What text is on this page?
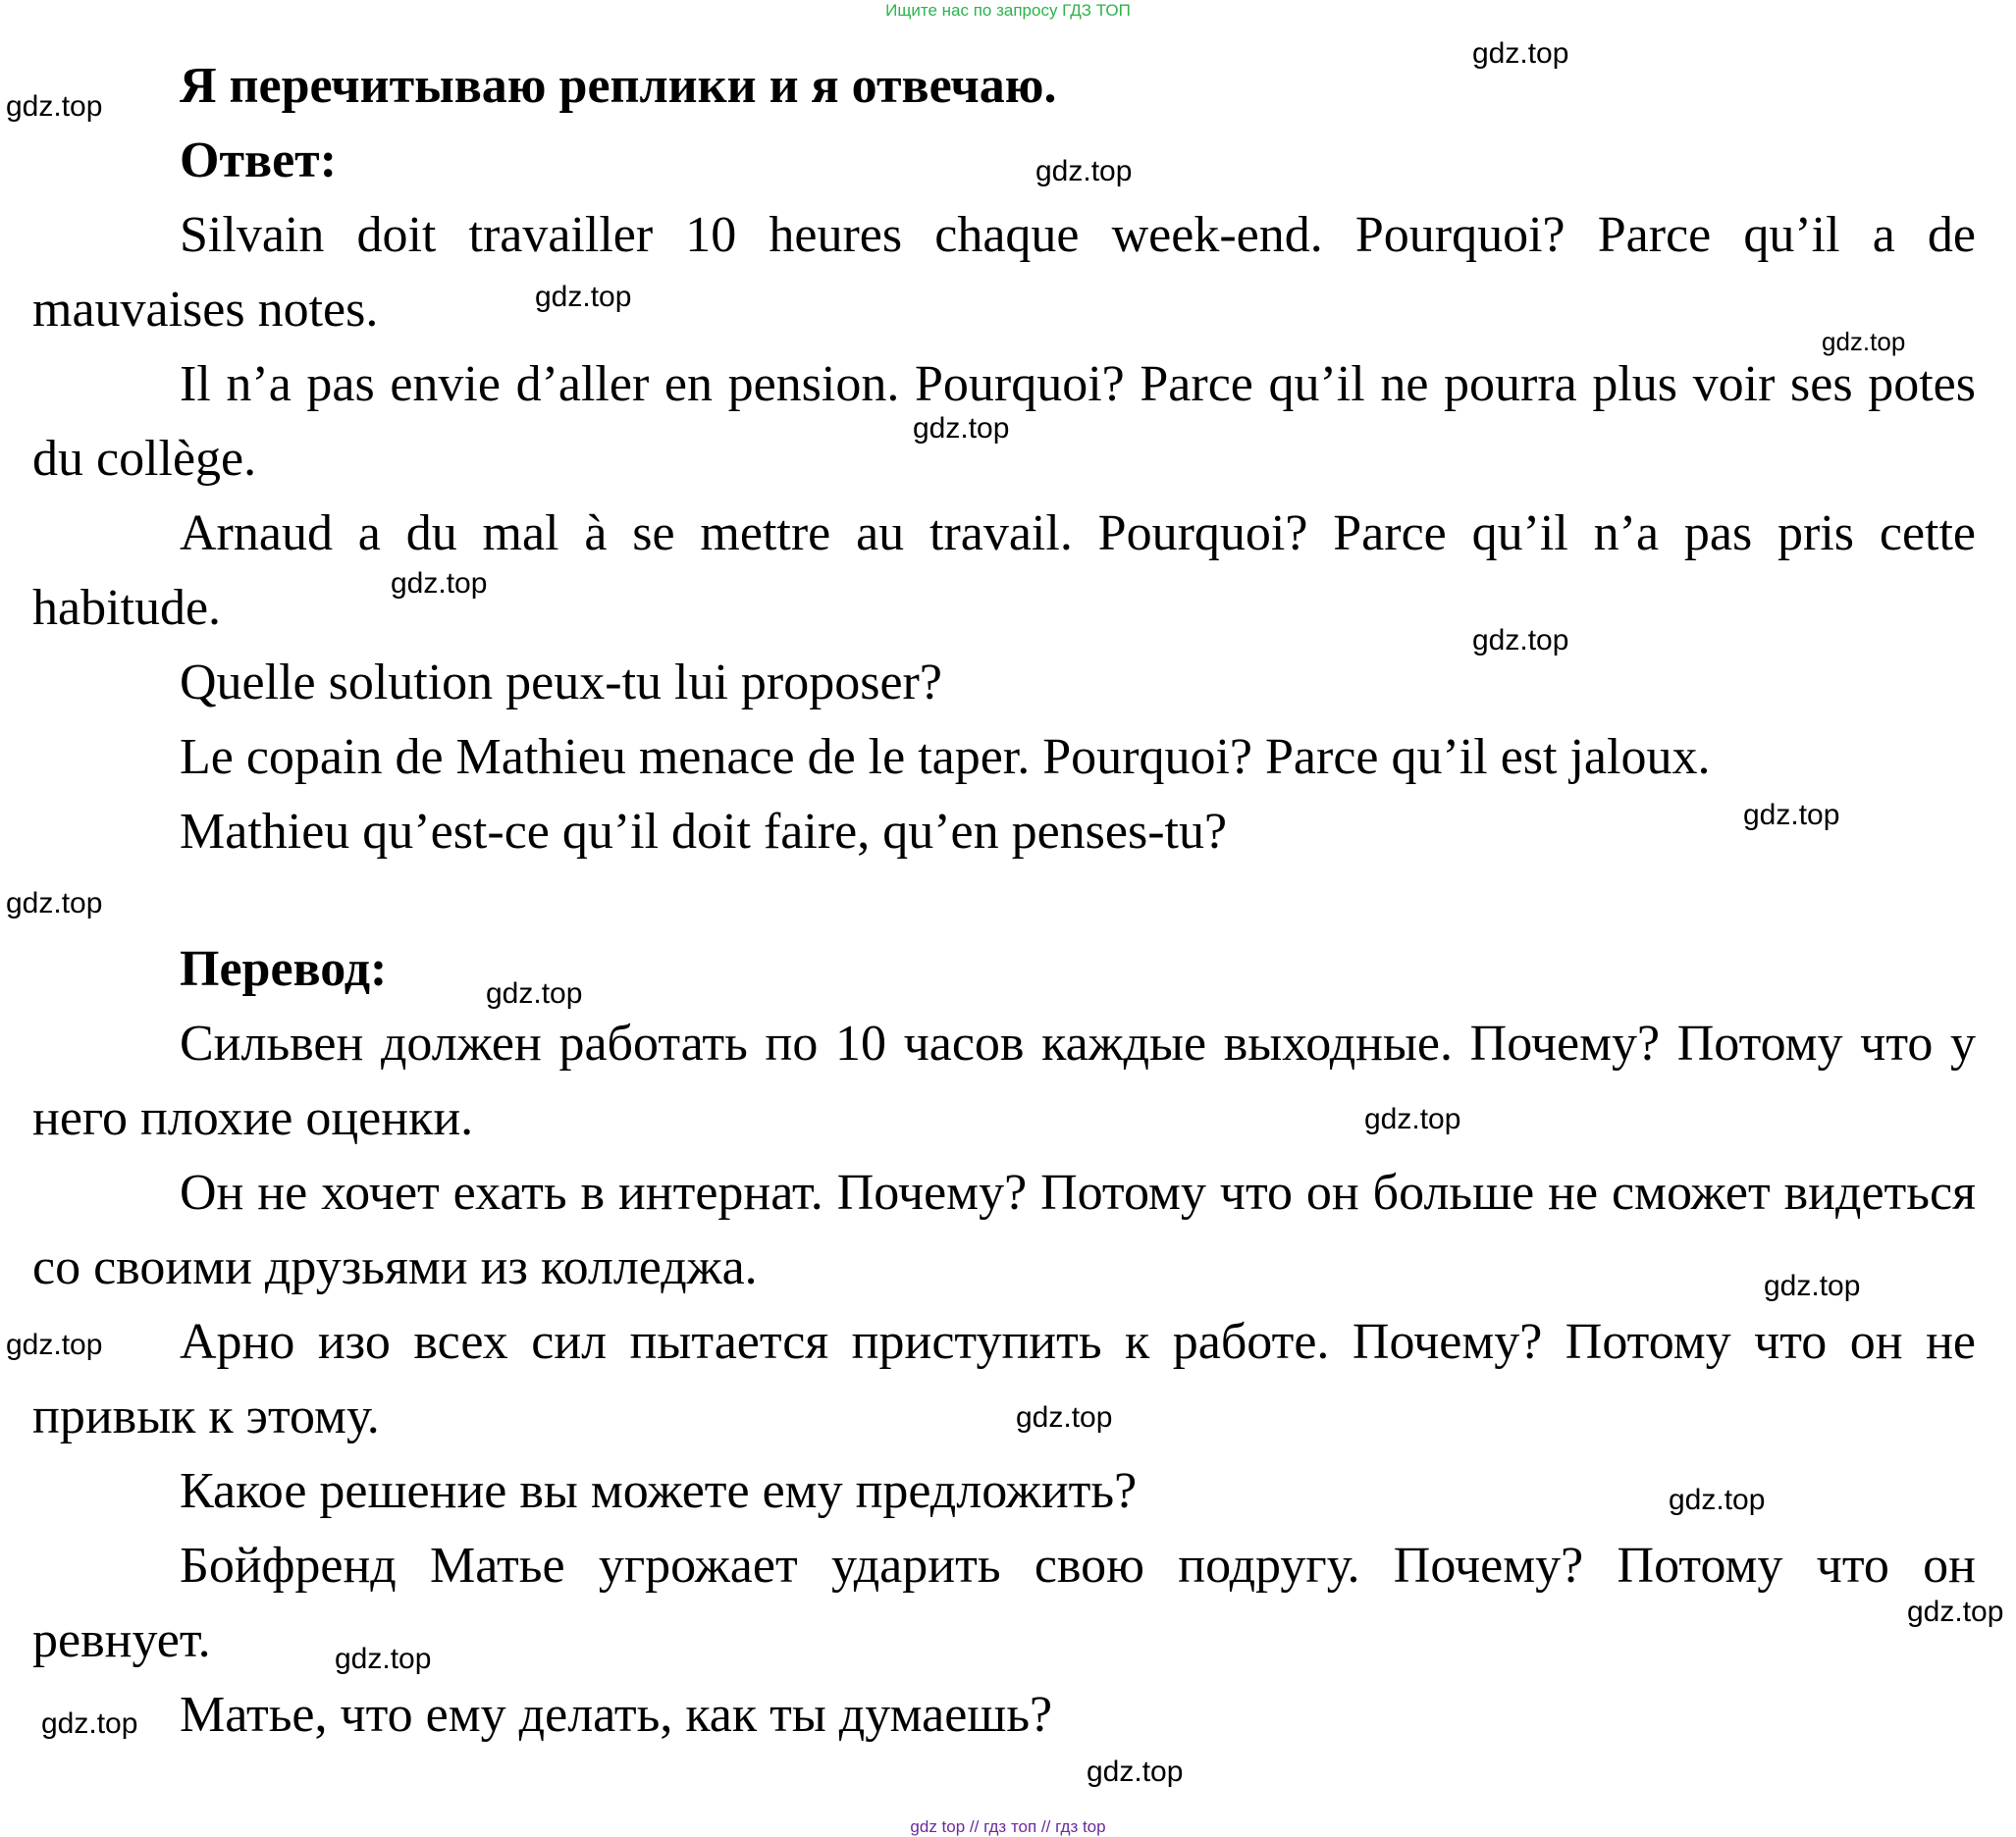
Ищите нас по запросу ГДЗ ТОП

Я перечитываю реплики и я отвечаю.

Ответ:

Silvain doit travailler 10 heures chaque week-end. Pourquoi? Parce qu’il a de mauvaises notes.

Il n’a pas envie d’aller en pension. Pourquoi? Parce qu’il ne pourra plus voir ses potes du collège.

Arnaud a du mal à se mettre au travail. Pourquoi? Parce qu’il n’a pas pris cette habitude.

Quelle solution peux-tu lui proposer?

Le copain de Mathieu menace de le taper. Pourquoi? Parce qu’il est jaloux.

Mathieu qu’est-ce qu’il doit faire, qu’en penses-tu?

Перевод:

Сильвен должен работать по 10 часов каждые выходные. Почему? Потому что у него плохие оценки.

Он не хочет ехать в интернат. Почему? Потому что он больше не сможет видеться со своими друзьями из колледжа.

Арно изо всех сил пытается приступить к работе. Почему? Потому что он не привык к этому.

Какое решение вы можете ему предложить?

Бойфренд Матье угрожает ударить свою подругу. Почему? Потому что он ревнует.

Матье, что ему делать, как ты думаешь?

gdz.top
gdz.top
gdz.top
gdz.top
gdz.top
gdz.top
gdz.top
gdz.top
gdz.top
gdz.top
gdz.top
gdz.top
gdz.top
gdz.top
gdz.top
gdz.top
gdz.top
gdz.top
gdz.top
gdz.top
gdz top // гдз топ // гдз top
